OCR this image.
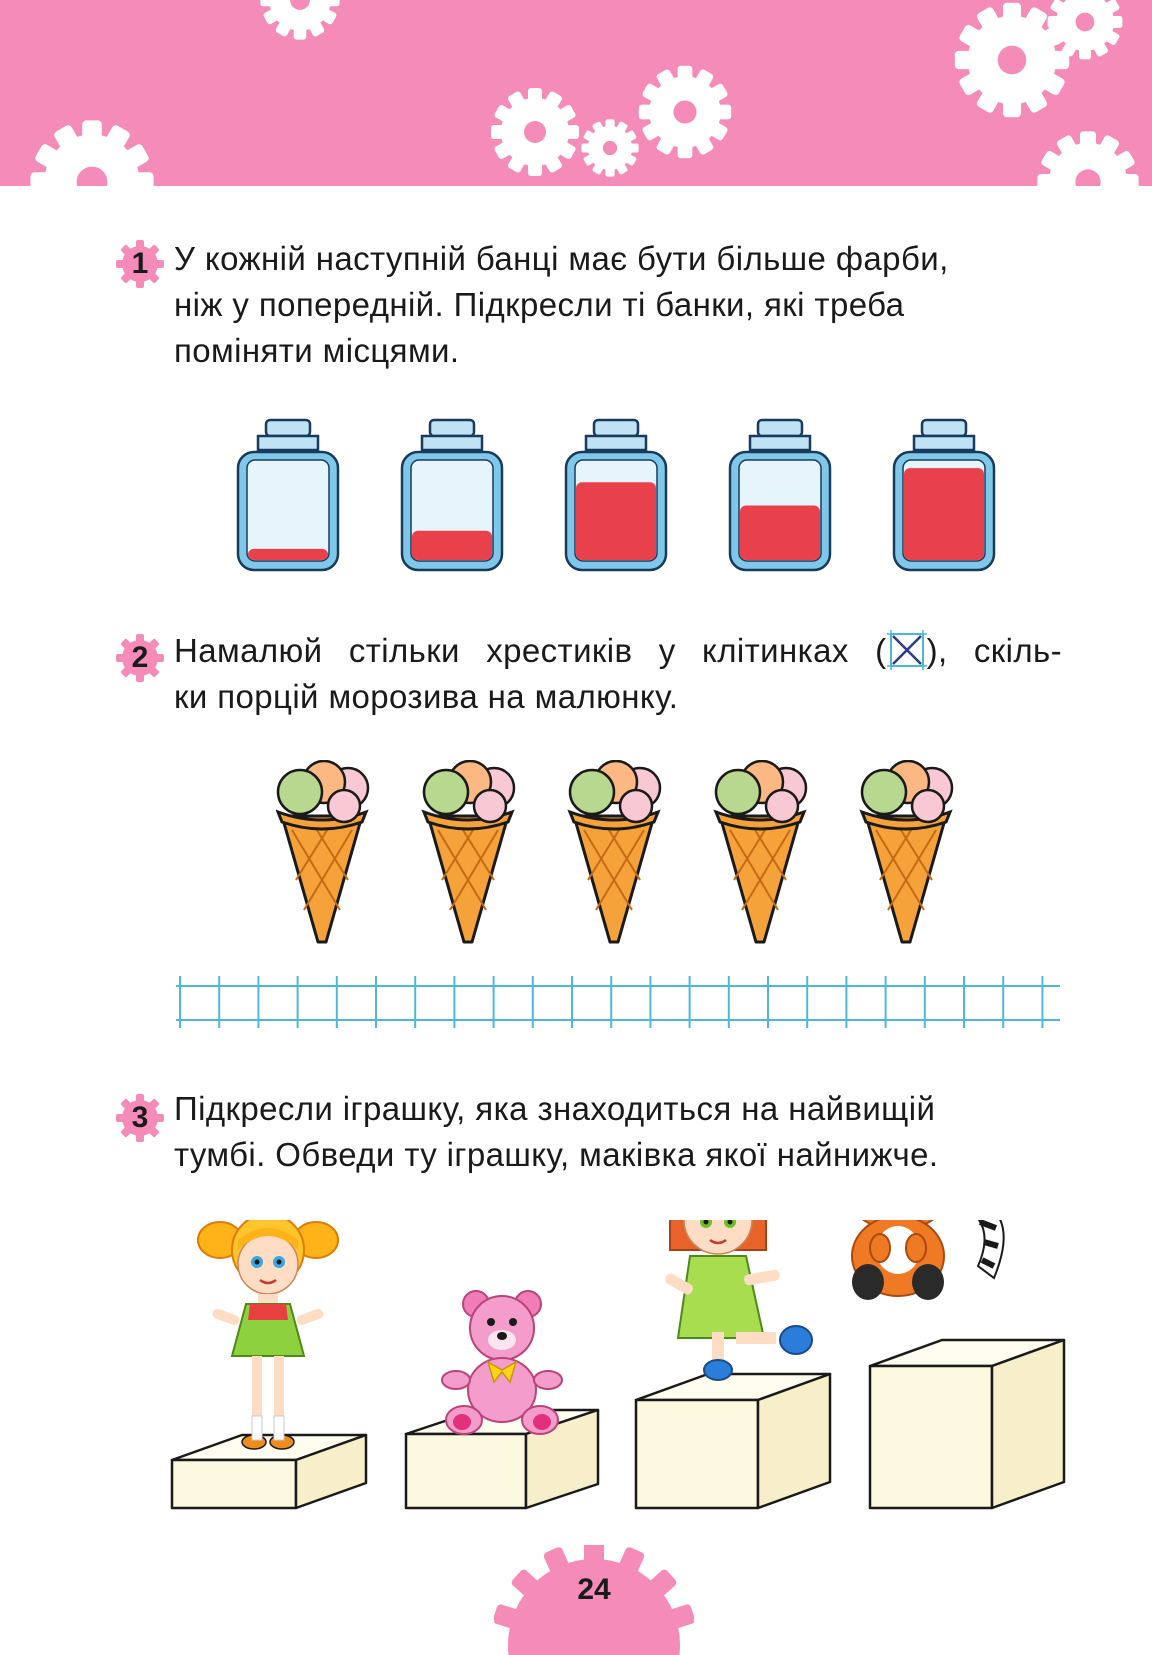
1 У кожній наступній банці має бути більше фарби,

ніж у попередній. Підкресли ті банки, які треба

поміняти місцями.

2 Намалюй стільки хрестиків у клітинках ( ), скіль-

ки порцій морозива на малюнку.

3 Підкресли іграшку, яка знаходиться на найвищій

тумбі. Обведи ту іграшку, маківка якої найнижче.

24
